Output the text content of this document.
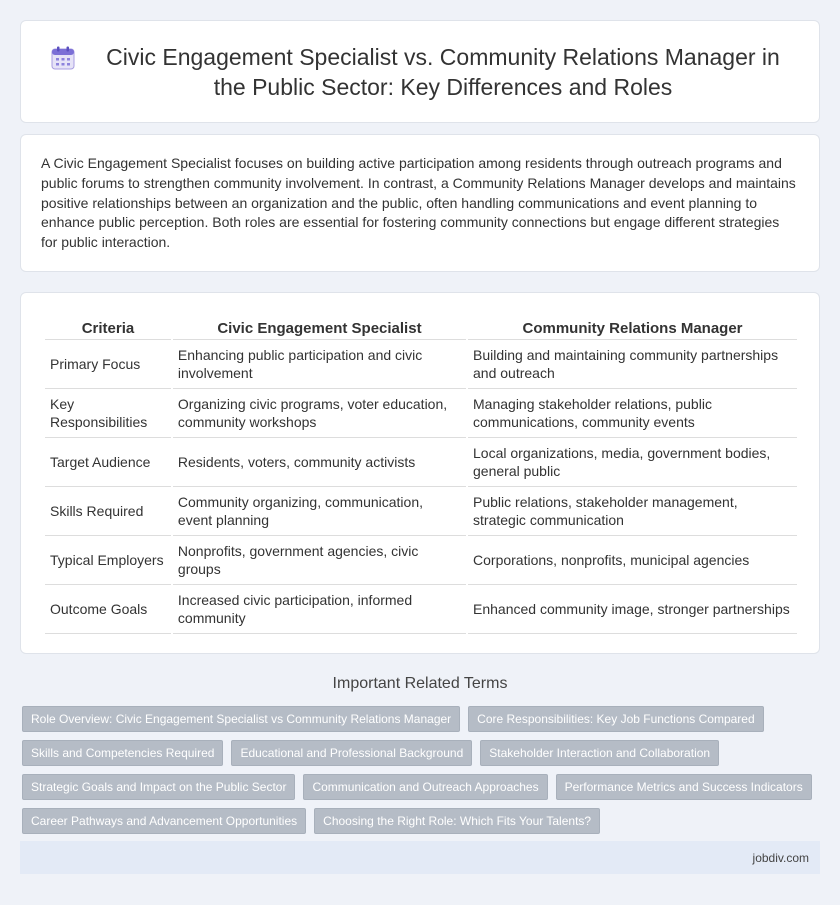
Civic Engagement Specialist vs. Community Relations Manager in the Public Sector: Key Differences and Roles

A Civic Engagement Specialist focuses on building active participation among residents through outreach programs and public forums to strengthen community involvement. In contrast, a Community Relations Manager develops and maintains positive relationships between an organization and the public, often handling communications and event planning to enhance public perception. Both roles are essential for fostering community connections but engage different strategies for public interaction.

Criteria	Civic Engagement Specialist	Community Relations Manager
Primary Focus	Enhancing public participation and civic involvement	Building and maintaining community partnerships and outreach
Key Responsibilities	Organizing civic programs, voter education, community workshops	Managing stakeholder relations, public communications, community events
Target Audience	Residents, voters, community activists	Local organizations, media, government bodies, general public
Skills Required	Community organizing, communication, event planning	Public relations, stakeholder management, strategic communication
Typical Employers	Nonprofits, government agencies, civic groups	Corporations, nonprofits, municipal agencies
Outcome Goals	Increased civic participation, informed community	Enhanced community image, stronger partnerships
Important Related Terms
Role Overview: Civic Engagement Specialist vs Community Relations Manager	Core Responsibilities: Key Job Functions Compared
Skills and Competencies Required	Educational and Professional Background	Stakeholder Interaction and Collaboration
Strategic Goals and Impact on the Public Sector	Communication and Outreach Approaches	Performance Metrics and Success Indicators
Career Pathways and Advancement Opportunities	Choosing the Right Role: Which Fits Your Talents?
jobdiv.com
